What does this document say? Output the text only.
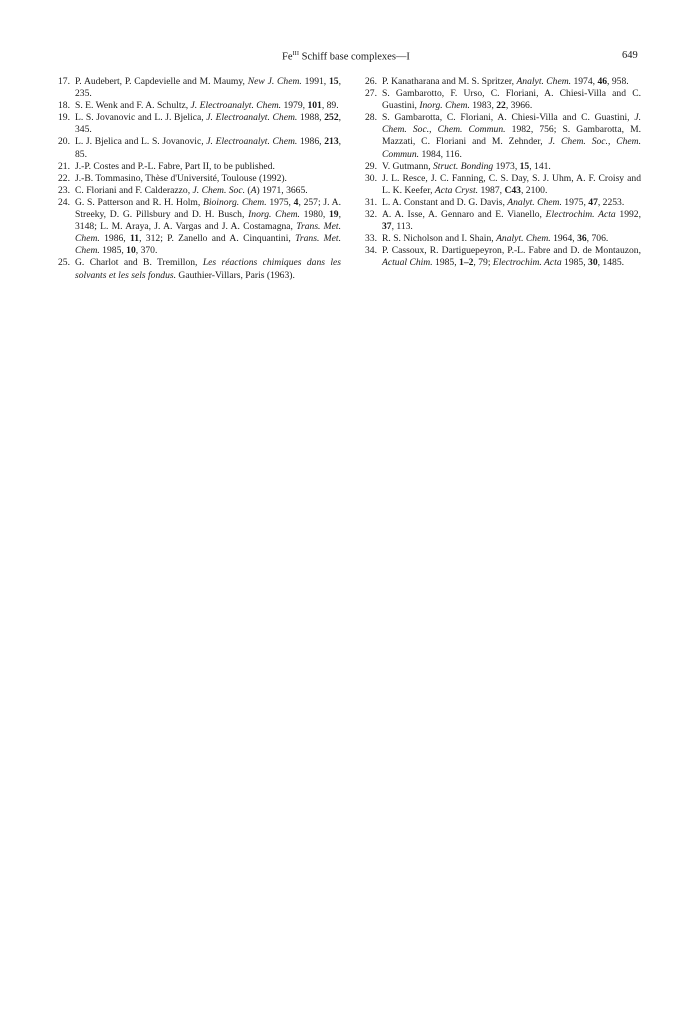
$Fe^{III}$ Schiff base complexes—I	649
17. P. Audebert, P. Capdevielle and M. Maumy, New J. Chem. 1991, 15, 235.
18. S. E. Wenk and F. A. Schultz, J. Electroanalyt. Chem. 1979, 101, 89.
19. L. S. Jovanovic and L. J. Bjelica, J. Electroanalyt. Chem. 1988, 252, 345.
20. L. J. Bjelica and L. S. Jovanovic, J. Electroanalyt. Chem. 1986, 213, 85.
21. J.-P. Costes and P.-L. Fabre, Part II, to be published.
22. J.-B. Tommasino, Thèse d'Université, Toulouse (1992).
23. C. Floriani and F. Calderazzo, J. Chem. Soc. (A) 1971, 3665.
24. G. S. Patterson and R. H. Holm, Bioinorg. Chem. 1975, 4, 257; J. A. Streeky, D. G. Pillsbury and D. H. Busch, Inorg. Chem. 1980, 19, 3148; L. M. Araya, J. A. Vargas and J. A. Costamagna, Trans. Met. Chem. 1986, 11, 312; P. Zanello and A. Cinquantini, Trans. Met. Chem. 1985, 10, 370.
25. G. Charlot and B. Tremillon, Les réactions chimiques dans les solvants et les sels fondus. Gauthier-Villars, Paris (1963).
26. P. Kanatharana and M. S. Spritzer, Analyt. Chem. 1974, 46, 958.
27. S. Gambarotto, F. Urso, C. Floriani, A. Chiesi-Villa and C. Guastini, Inorg. Chem. 1983, 22, 3966.
28. S. Gambarotta, C. Floriani, A. Chiesi-Villa and C. Guastini, J. Chem. Soc., Chem. Commun. 1982, 756; S. Gambarotta, M. Mazzati, C. Floriani and M. Zehnder, J. Chem. Soc., Chem. Commun. 1984, 116.
29. V. Gutmann, Struct. Bonding 1973, 15, 141.
30. J. L. Resce, J. C. Fanning, C. S. Day, S. J. Uhm, A. F. Croisy and L. K. Keefer, Acta Cryst. 1987, C43, 2100.
31. L. A. Constant and D. G. Davis, Analyt. Chem. 1975, 47, 2253.
32. A. A. Isse, A. Gennaro and E. Vianello, Electrochim. Acta 1992, 37, 113.
33. R. S. Nicholson and I. Shain, Analyt. Chem. 1964, 36, 706.
34. P. Cassoux, R. Dartiguepeyron, P.-L. Fabre and D. de Montauzon, Actual Chim. 1985, 1–2, 79; Electrochim. Acta 1985, 30, 1485.
